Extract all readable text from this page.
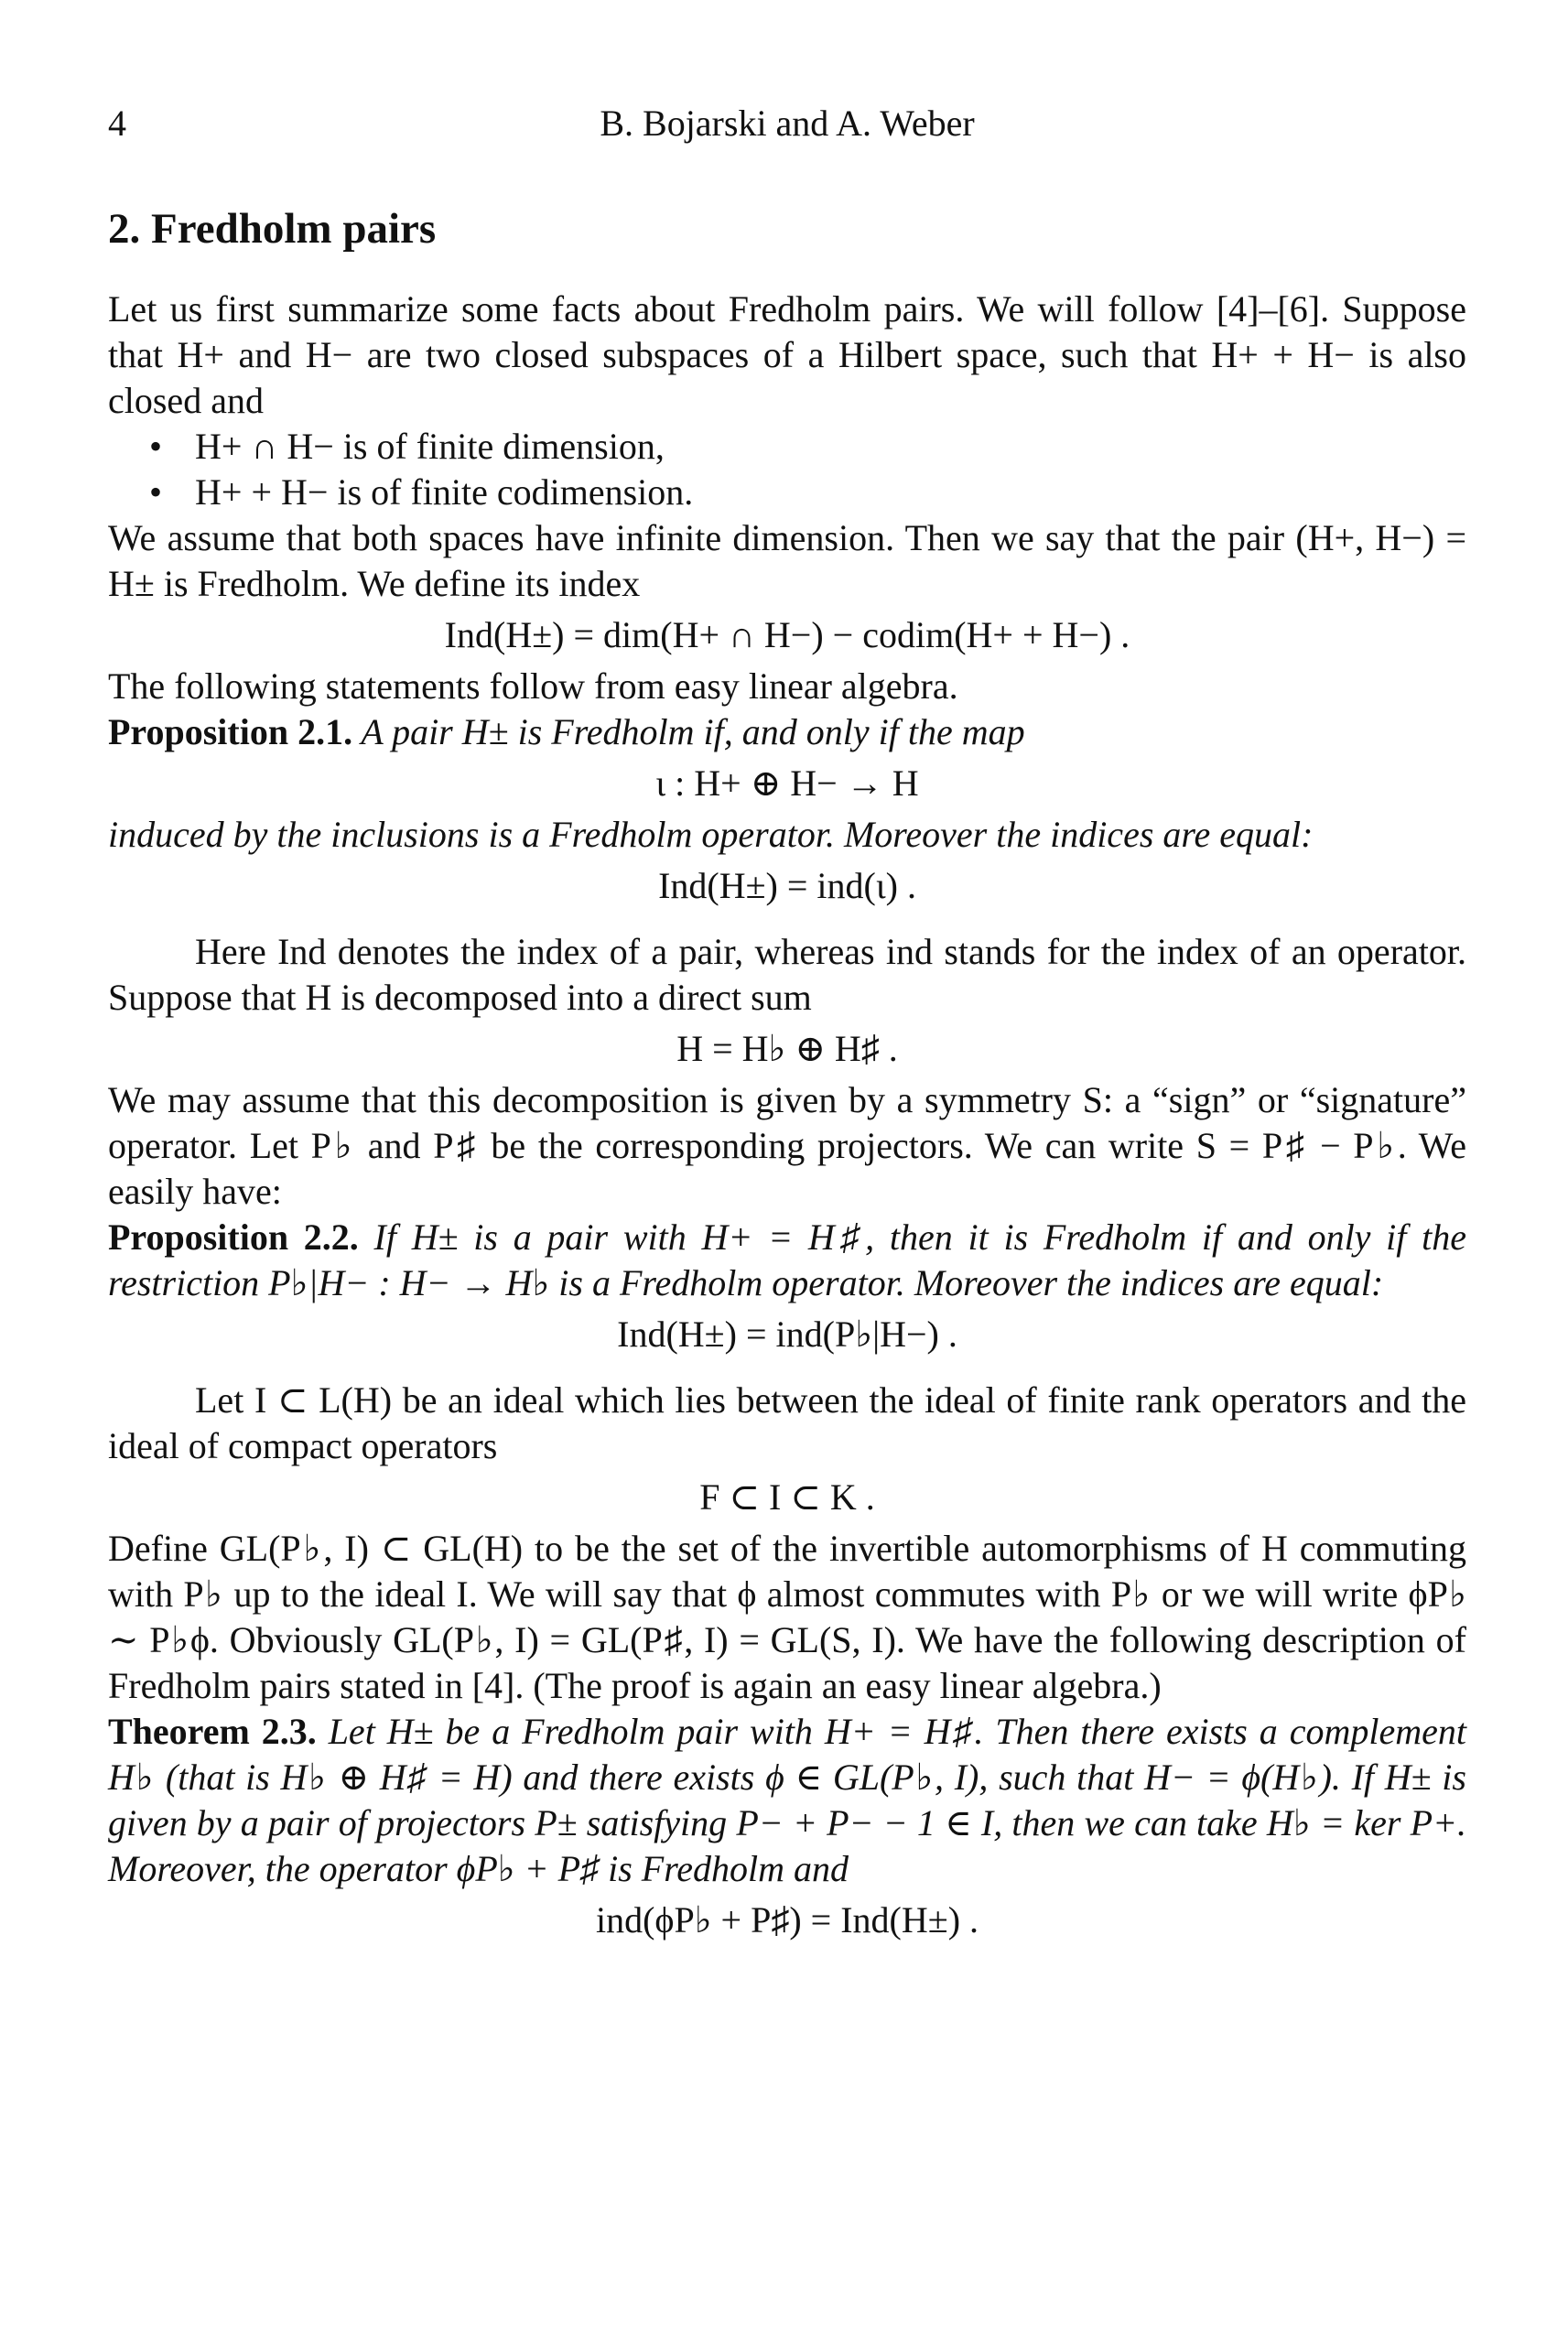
4	B. Bojarski and A. Weber
2. Fredholm pairs

Let us first summarize some facts about Fredholm pairs. We will follow [4]–[6]. Suppose that H+ and H− are two closed subspaces of a Hilbert space, such that H+ + H− is also closed and

• H+ ∩ H− is of finite dimension,
• H+ + H− is of finite codimension.

We assume that both spaces have infinite dimension. Then we say that the pair (H+, H−) = H± is Fredholm. We define its index

Ind(H±) = dim(H+ ∩ H−) − codim(H+ + H−) .

The following statements follow from easy linear algebra.

Proposition 2.1. A pair H± is Fredholm if, and only if the map

ι : H+ ⊕ H− → H

induced by the inclusions is a Fredholm operator. Moreover the indices are equal:

Ind(H±) = ind(ι) .

Here Ind denotes the index of a pair, whereas ind stands for the index of an operator. Suppose that H is decomposed into a direct sum

H = H♭ ⊕ H♯ .

We may assume that this decomposition is given by a symmetry S: a “sign” or “signature” operator. Let P♭ and P♯ be the corresponding projectors. We can write S = P♯ − P♭. We easily have:

Proposition 2.2. If H± is a pair with H+ = H♯, then it is Fredholm if and only if the restriction P♭|H− : H− → H♭ is a Fredholm operator. Moreover the indices are equal:

Ind(H±) = ind(P♭|H−) .

Let I ⊂ L(H) be an ideal which lies between the ideal of finite rank operators and the ideal of compact operators

F ⊂ I ⊂ K .

Define GL(P♭, I) ⊂ GL(H) to be the set of the invertible automorphisms of H commuting with P♭ up to the ideal I. We will say that ϕ almost commutes with P♭ or we will write ϕP♭ ∼ P♭ϕ. Obviously GL(P♭, I) = GL(P♯, I) = GL(S, I). We have the following description of Fredholm pairs stated in [4]. (The proof is again an easy linear algebra.)

Theorem 2.3. Let H± be a Fredholm pair with H+ = H♯. Then there exists a complement H♭ (that is H♭ ⊕ H♯ = H) and there exists ϕ ∈ GL(P♭, I), such that H− = ϕ(H♭). If H± is given by a pair of projectors P± satisfying P− + P− − 1 ∈ I, then we can take H♭ = ker P+. Moreover, the operator ϕP♭ + P♯ is Fredholm and

ind(ϕP♭ + P♯) = Ind(H±) .
